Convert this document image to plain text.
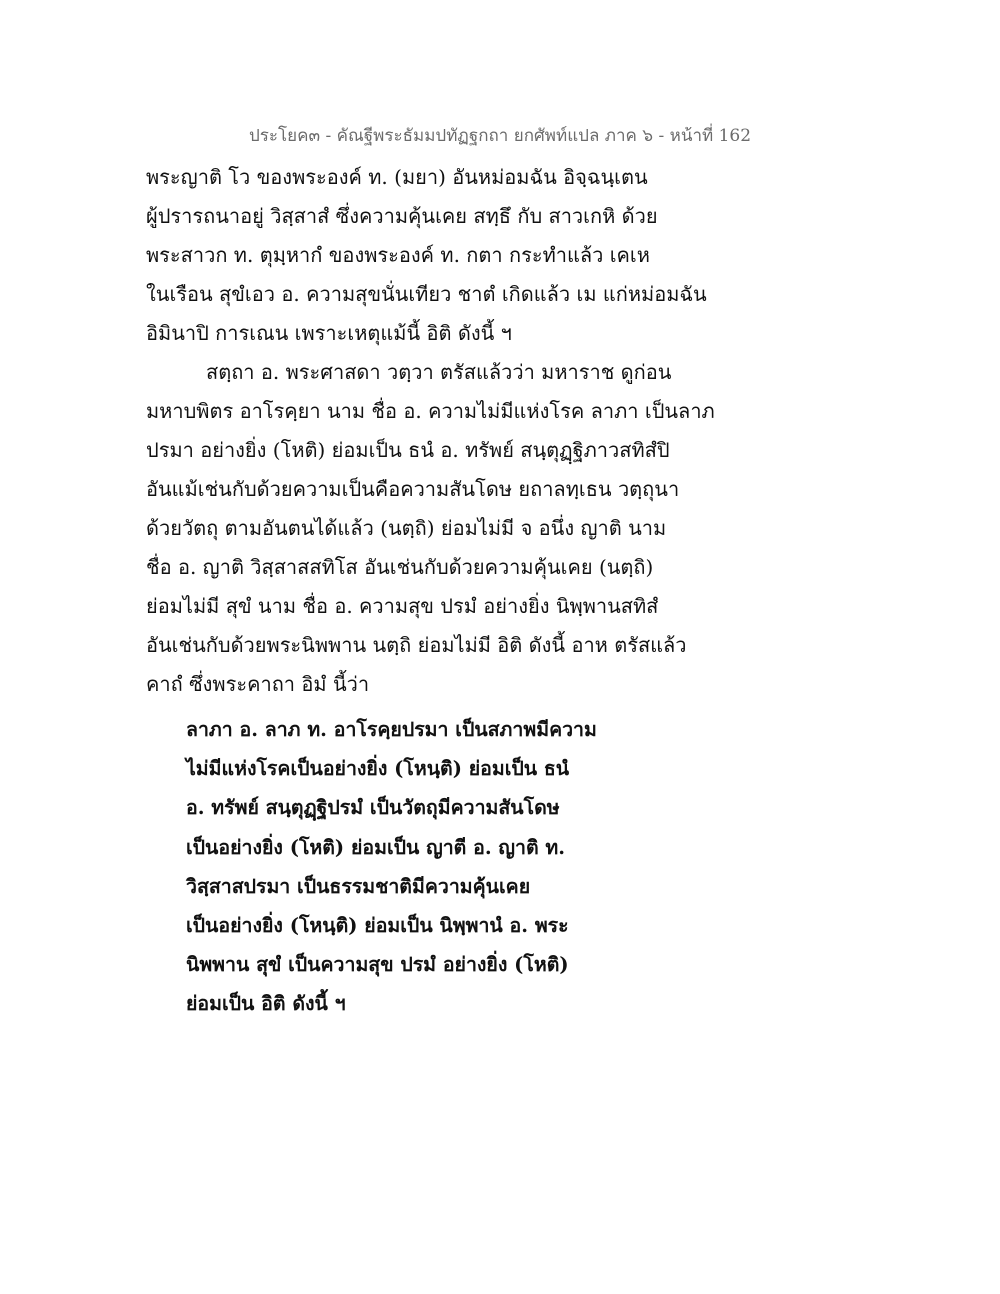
ประโยค๓ - คัณฐีพระธัมมปทัฏฐกถา ยกศัพท์แปล ภาค ๖ - หน้าที่ 162
พระญาติ โว ของพระองค์ ท. (มยา) อันหม่อมฉัน อิจฺฉนฺเตน
ผู้ปรารถนาอยู่ วิสฺสาสํ ซึ่งความคุ้นเคย สทฺธึ กับ สาวเกหิ ด้วย
พระสาวก ท. ตุมฺหากํ ของพระองค์ ท. กตา กระทำแล้ว เคเห
ในเรือน สุขํเอว อ. ความสุขนั่นเทียว ชาตํ เกิดแล้ว เม แก่หม่อมฉัน
อิมินาปิ การเณน เพราะเหตุแม้นี้ อิติ ดังนี้ ฯ
สตฺถา อ. พระศาสดา วตฺวา ตรัสแล้วว่า มหาราช ดูก่อน
มหาบพิตร อาโรคฺยา นาม ชื่อ อ. ความไม่มีแห่งโรค ลาภา เป็นลาภ
ปรมา อย่างยิ่ง (โหติ) ย่อมเป็น ธนํ อ. ทรัพย์ สนฺตุฏฺฐิภาวสทิสํปิ
อันแม้เช่นกับด้วยความเป็นคือความสันโดษ ยถาลทฺเธน วตฺถุนา
ด้วยวัตถุ ตามอันตนได้แล้ว (นตฺถิ) ย่อมไม่มี จ อนึ่ง ญาติ นาม
ชื่อ อ. ญาติ วิสฺสาสสทิโส อันเช่นกับด้วยความคุ้นเคย (นตฺถิ)
ย่อมไม่มี สุขํ นาม ชื่อ อ. ความสุข ปรมํ อย่างยิ่ง นิพฺพานสทิสํ
อันเช่นกับด้วยพระนิพพาน นตฺถิ ย่อมไม่มี อิติ ดังนี้ อาห ตรัสแล้ว
คาถํ ซึ่งพระคาถา อิมํ นี้ว่า
ลาภา อ. ลาภ ท. อาโรคฺยปรมา เป็นสภาพมีความ
ไม่มีแห่งโรคเป็นอย่างยิ่ง (โหนฺติ) ย่อมเป็น ธนํ
อ. ทรัพย์ สนฺตุฏฺฐิปรมํ เป็นวัตถุมีความสันโดษ
เป็นอย่างยิ่ง (โหติ) ย่อมเป็น ญาตี อ. ญาติ ท.
วิสฺสาสปรมา เป็นธรรมชาติมีความคุ้นเคย
เป็นอย่างยิ่ง (โหนฺติ) ย่อมเป็น นิพฺพานํ อ. พระ
นิพพาน สุขํ เป็นความสุข ปรมํ อย่างยิ่ง (โหติ)
ย่อมเป็น อิติ ดังนี้ ฯ
